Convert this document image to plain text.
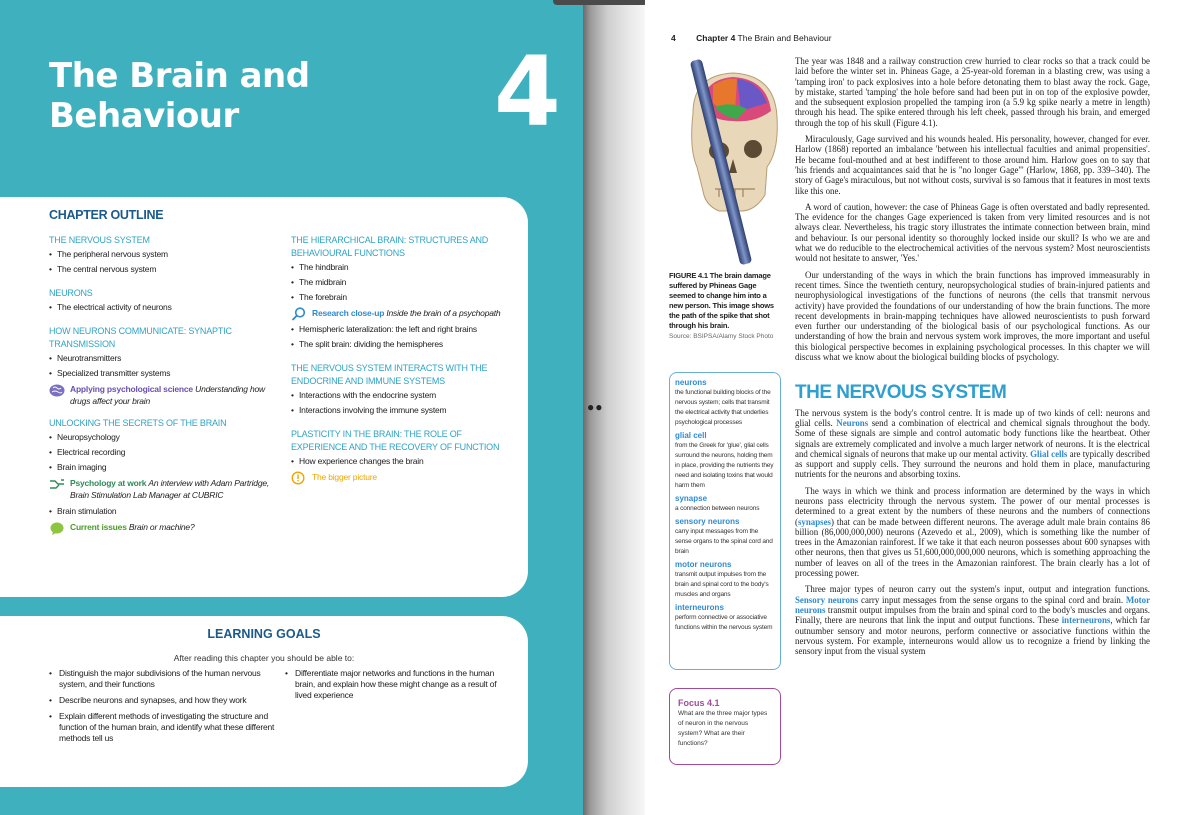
The Brain and
Behaviour	4
CHAPTER OUTLINE
THE NERVOUS SYSTEM
• The peripheral nervous system
• The central nervous system
NEURONS
• The electrical activity of neurons
HOW NEURONS COMMUNICATE: SYNAPTIC TRANSMISSION
• Neurotransmitters
• Specialized transmitter systems
Applying psychological science Understanding how drugs affect your brain
UNLOCKING THE SECRETS OF THE BRAIN
• Neuropsychology
• Electrical recording
• Brain imaging
Psychology at work An interview with Adam Partridge, Brain Stimulation Lab Manager at CUBRIC
• Brain stimulation
Current issues Brain or machine?
THE HIERARCHICAL BRAIN: STRUCTURES AND BEHAVIOURAL FUNCTIONS
• The hindbrain
• The midbrain
• The forebrain
Research close-up Inside the brain of a psychopath
• Hemispheric lateralization: the left and right brains
• The split brain: dividing the hemispheres
THE NERVOUS SYSTEM INTERACTS WITH THE ENDOCRINE AND IMMUNE SYSTEMS
• Interactions with the endocrine system
• Interactions involving the immune system
PLASTICITY IN THE BRAIN: THE ROLE OF EXPERIENCE AND THE RECOVERY OF FUNCTION
• How experience changes the brain
The bigger picture
LEARNING GOALS
After reading this chapter you should be able to:
• Distinguish the major subdivisions of the human nervous system, and their functions
• Describe neurons and synapses, and how they work
• Explain different methods of investigating the structure and function of the human brain, and identify what these different methods tell us
• Differentiate major networks and functions in the human brain, and explain how these might change as a result of lived experience
●●
4 Chapter 4 The Brain and Behaviour
FIGURE 4.1 The brain damage suffered by Phineas Gage seemed to change him into a new person. This image shows the path of the spike that shot through his brain.
Source: BSIPSA/Alamy Stock Photo
neurons
the functional building blocks of the nervous system; cells that transmit the electrical activity that underlies psychological processes
glial cell
from the Greek for 'glue', glial cells surround the neurons, holding them in place, providing the nutrients they need and isolating toxins that would harm them
synapse
a connection between neurons
sensory neurons
carry input messages from the sense organs to the spinal cord and brain
motor neurons
transmit output impulses from the brain and spinal cord to the body's muscles and organs
interneurons
perform connective or associative functions within the nervous system
Focus 4.1
What are the three major types of neuron in the nervous system? What are their functions?

The year was 1848 and a railway construction crew hurried to clear rocks so that a track could be laid before the winter set in. Phineas Gage, a 25-year-old foreman in a blasting crew, was using a 'tamping iron' to pack explosives into a hole before detonating them to blast away the rock. Gage, by mistake, started 'tamping' the hole before sand had been put in on top of the explosive powder, and the subsequent explosion propelled the tamping iron (a 5.9 kg spike nearly a metre in length) through his head. The spike entered through his left cheek, passed through his brain, and emerged through the top of his skull (Figure 4.1).

Miraculously, Gage survived and his wounds healed. His personality, however, changed for ever. Harlow (1868) reported an imbalance 'between his intellectual faculties and animal propensities'. He became foul-mouthed and at best indifferent to those around him. Harlow goes on to say that 'his friends and acquaintances said that he is "no longer Gage"' (Harlow, 1868, pp. 339–340). The story of Gage's miraculous, but not without costs, survival is so famous that it features in most texts like this one.

A word of caution, however: the case of Phineas Gage is often overstated and badly represented. The evidence for the changes Gage experienced is taken from very limited resources and is not always clear. Nevertheless, his tragic story illustrates the intimate connection between brain, mind and behaviour. Is our personal identity so thoroughly locked inside our skull? Is who we are and what we do reducible to the electrochemical activities of the nervous system? Most neuroscientists would not hesitate to answer, 'Yes.'

Our understanding of the ways in which the brain functions has improved immeasurably in recent times. Since the twentieth century, neuropsychological studies of brain-injured patients and neurophysiological investigations of the functions of neurons (the cells that transmit nervous activity) have provided the foundations of our understanding of how the brain functions. The more recent developments in brain-mapping techniques have allowed neuroscientists to push forward even further our understanding of the biological basis of our psychological functions. As our understanding of how the brain and nervous system work improves, the more important and useful this biological perspective becomes in explaining psychological processes. In this chapter we will discuss what we know about the biological building blocks of psychology.

THE NERVOUS SYSTEM

The nervous system is the body's control centre. It is made up of two kinds of cell: neurons and glial cells. Neurons send a combination of electrical and chemical signals throughout the body. Some of these signals are simple and control automatic body functions like the heartbeat. Other signals are extremely complicated and involve a much larger network of neurons. It is the electrical and chemical signals of neurons that make up our mental activity. Glial cells are typically described as support and supply cells. They surround the neurons and hold them in place, manufacturing nutrients for the neurons and absorbing toxins.

The ways in which we think and process information are determined by the ways in which neurons pass electricity through the nervous system. The power of our mental processes is determined to a great extent by the numbers of these neurons and the numbers of connections (synapses) that can be made between different neurons. The average adult male brain contains 86 billion (86,000,000,000) neurons (Azevedo et al., 2009), which is something like the number of trees in the Amazonian rainforest. If we take it that each neuron possesses about 600 synapses with other neurons, then that gives us 51,600,000,000,000 neurons, which is something approaching the number of leaves on all of the trees in the Amazonian rainforest. The brain clearly has a lot of processing power.

Three major types of neuron carry out the system's input, output and integration functions. Sensory neurons carry input messages from the sense organs to the spinal cord and brain. Motor neurons transmit output impulses from the brain and spinal cord to the body's muscles and organs. Finally, there are neurons that link the input and output functions. These interneurons, which far outnumber sensory and motor neurons, perform connective or associative functions within the nervous system. For example, interneurons would allow us to recognize a friend by linking the sensory input from the visual system
